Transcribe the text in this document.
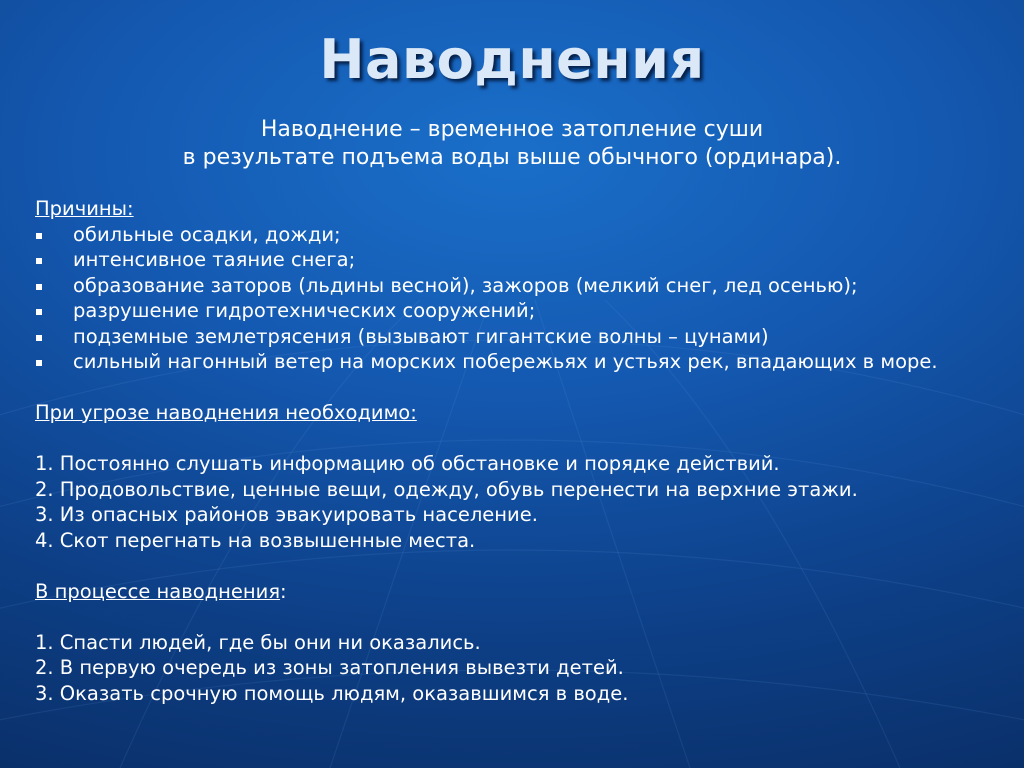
Наводнения
Наводнение – временное затопление суши
в результате подъема воды выше обычного (ординара).
Причины:
обильные осадки, дожди;
интенсивное таяние снега;
образование заторов (льдины весной), зажоров (мелкий снег, лед осенью);
разрушение гидротехнических сооружений;
подземные землетрясения (вызывают гигантские волны – цунами)
сильный нагонный ветер на морских побережьях и устьях рек, впадающих в море.
При угрозе наводнения необходимо:
1. Постоянно слушать информацию об обстановке и порядке действий.
2. Продовольствие, ценные вещи, одежду, обувь перенести на верхние этажи.
3. Из опасных районов эвакуировать население.
4. Скот перегнать на возвышенные места.
В процессе наводнения:
1. Спасти людей, где бы они ни оказались.
2. В первую очередь из зоны затопления вывезти детей.
3. Оказать срочную помощь людям, оказавшимся в воде.
